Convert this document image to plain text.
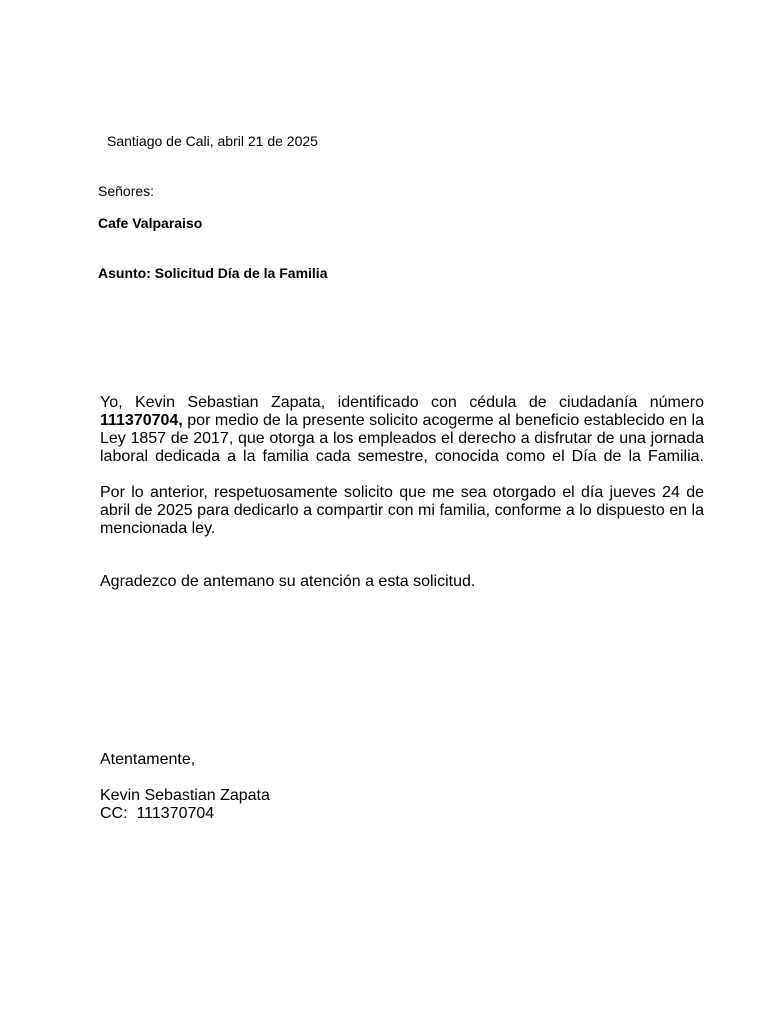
Santiago de Cali, abril 21 de 2025

Señores:

Cafe Valparaiso

Asunto: Solicitud Día de la Familia

Yo, Kevin Sebastian Zapata, identificado con cédula de ciudadanía número 111370704, por medio de la presente solicito acogerme al beneficio establecido en la Ley 1857 de 2017, que otorga a los empleados el derecho a disfrutar de una jornada laboral dedicada a la familia cada semestre, conocida como el Día de la Familia.

Por lo anterior, respetuosamente solicito que me sea otorgado el día jueves 24 de abril de 2025 para dedicarlo a compartir con mi familia, conforme a lo dispuesto en la mencionada ley.

Agradezco de antemano su atención a esta solicitud.

Atentamente,

Kevin Sebastian Zapata

CC:  111370704
